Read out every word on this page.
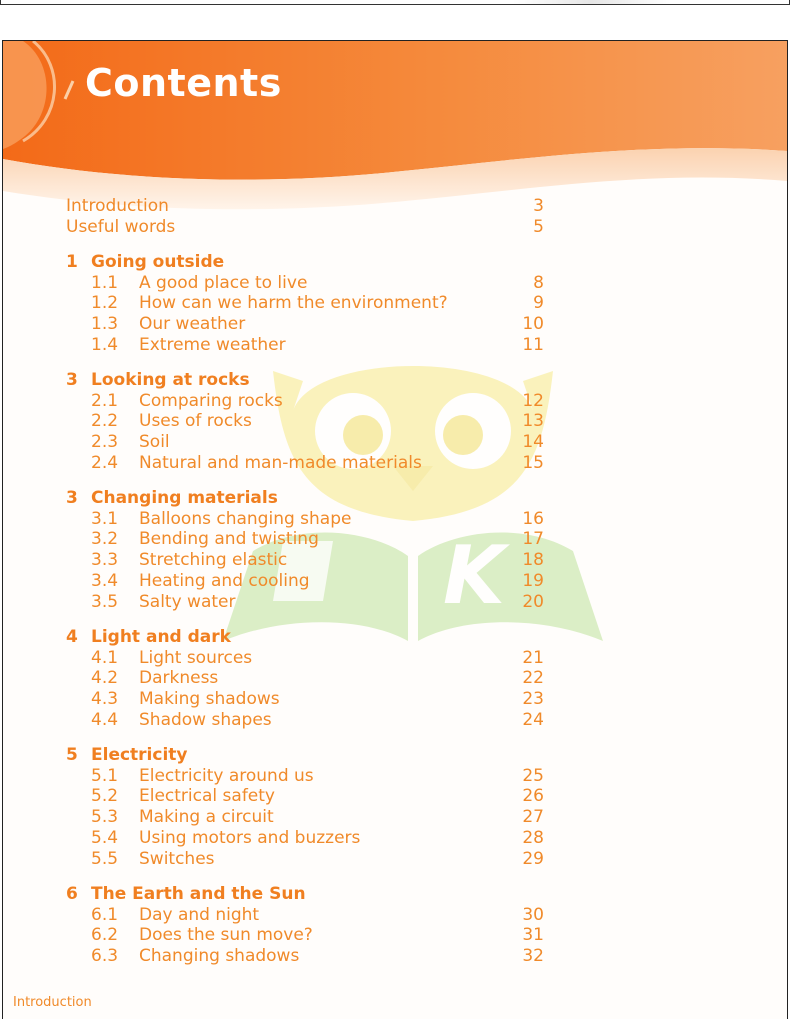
Contents
K
Introduction	3
Useful words	5
1 Going outside
1.1 A good place to live	8
1.2 How can we harm the environment?	9
1.3 Our weather	10
1.4 Extreme weather	11
3 Looking at rocks
2.1 Comparing rocks	12
2.2 Uses of rocks	13
2.3 Soil	14
2.4 Natural and man-made materials	15
3 Changing materials
3.1 Balloons changing shape	16
3.2 Bending and twisting	17
3.3 Stretching elastic	18
3.4 Heating and cooling	19
3.5 Salty water	20
4 Light and dark
4.1 Light sources	21
4.2 Darkness	22
4.3 Making shadows	23
4.4 Shadow shapes	24
5 Electricity
5.1 Electricity around us	25
5.2 Electrical safety	26
5.3 Making a circuit	27
5.4 Using motors and buzzers	28
5.5 Switches	29
6 The Earth and the Sun
6.1 Day and night	30
6.2 Does the sun move?	31
6.3 Changing shadows	32
Introduction
